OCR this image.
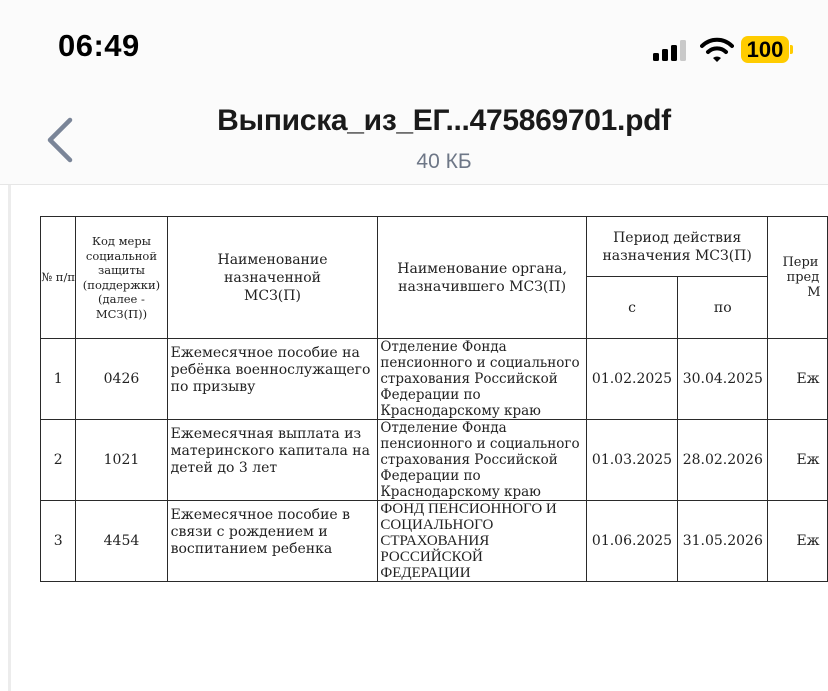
06:49	100
Выписка_из_ЕГ...475869701.pdf
40 КБ
№ п/п	Код меры социальной защиты (поддержки) (далее - МСЗ(П))	Наименование назначенной МСЗ(П)	Наименование органа, назначившего МСЗ(П)	Период действия назначения МСЗ(П)		Пери
пред
М
				с	по	
1	0426	Ежемесячное пособие на ребёнка военнослужащего по призыву	Отделение Фонда
пенсионного и социального
страхования Российской
Федерации по
Краснодарскому краю	01.02.2025	30.04.2025	Еж
2	1021	Ежемесячная выплата из материнского капитала на детей до 3 лет	Отделение Фонда
пенсионного и социального
страхования Российской
Федерации по
Краснодарскому краю	01.03.2025	28.02.2026	Еж
3	4454	Ежемесячное пособие в связи с рождением и воспитанием ребенка	ФОНД ПЕНСИОННОГО И
СОЦИАЛЬНОГО
СТРАХОВАНИЯ
РОССИЙСКОЙ
ФЕДЕРАЦИИ	01.06.2025	31.05.2026	Еж
